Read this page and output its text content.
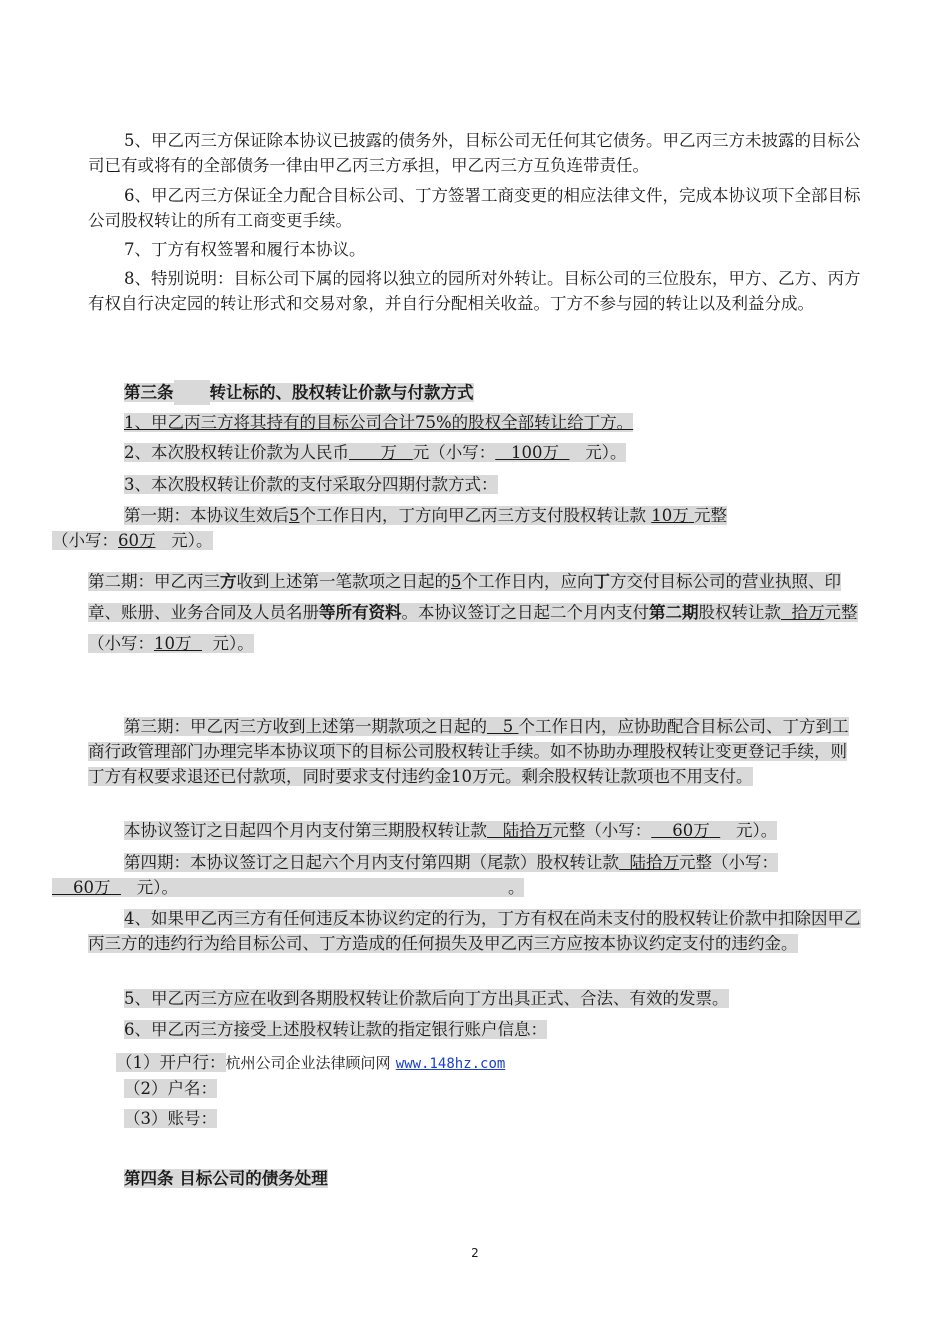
5、甲乙丙三方保证除本协议已披露的债务外，目标公司无任何其它债务。甲乙丙三方未披露的目标公司已有或将有的全部债务一律由甲乙丙三方承担，甲乙丙三方互负连带责任。

6、甲乙丙三方保证全力配合目标公司、丁方签署工商变更的相应法律文件，完成本协议项下全部目标公司股权转让的所有工商变更手续。

7、丁方有权签署和履行本协议。

8、特别说明：目标公司下属的园将以独立的园所对外转让。目标公司的三位股东，甲方、乙方、丙方有权自行决定园的转让形式和交易对象，并自行分配相关收益。丁方不参与园的转让以及利益分成。

第三条 转让标的、股权转让价款与付款方式

1、甲乙丙三方将其持有的目标公司合计75%的股权全部转让给丁方。

2、本次股权转让价款为人民币 万 元（小写： 100万 元）。

3、本次股权转让价款的支付采取分四期付款方式：

第一期：本协议生效后5个工作日内，丁方向甲乙丙三方支付股权转让款 10万 元整
（小写：60万 元）。

第二期：甲乙丙三方收到上述第一笔款项之日起的5个工作日内，应向丁方交付目标公司的营业执照、印章、账册、业务合同及人员名册等所有资料。本协议签订之日起二个月内支付第二期股权转让款 拾万元整（小写：10万 元）。

第三期：甲乙丙三方收到上述第一期款项之日起的 5 个工作日内，应协助配合目标公司、丁方到工商行政管理部门办理完毕本协议项下的目标公司股权转让手续。如不协助办理股权转让变更登记手续，则丁方有权要求退还已付款项，同时要求支付违约金10万元。剩余股权转让款项也不用支付。

本协议签订之日起四个月内支付第三期股权转让款 陆拾万元整（小写： 60万 元）。

第四期：本协议签订之日起六个月内支付第四期（尾款）股权转让款 陆拾万元整（小写：
60万 元）。	。

4、如果甲乙丙三方有任何违反本协议约定的行为，丁方有权在尚未支付的股权转让价款中扣除因甲乙丙三方的违约行为给目标公司、丁方造成的任何损失及甲乙丙三方应按本协议约定支付的违约金。

5、甲乙丙三方应在收到各期股权转让价款后向丁方出具正式、合法、有效的发票。

6、甲乙丙三方接受上述股权转让款的指定银行账户信息：

（1）开户行：杭州公司企业法律顾问网 www.148hz.com

（2）户名：

（3）账号：

第四条 目标公司的债务处理

2
